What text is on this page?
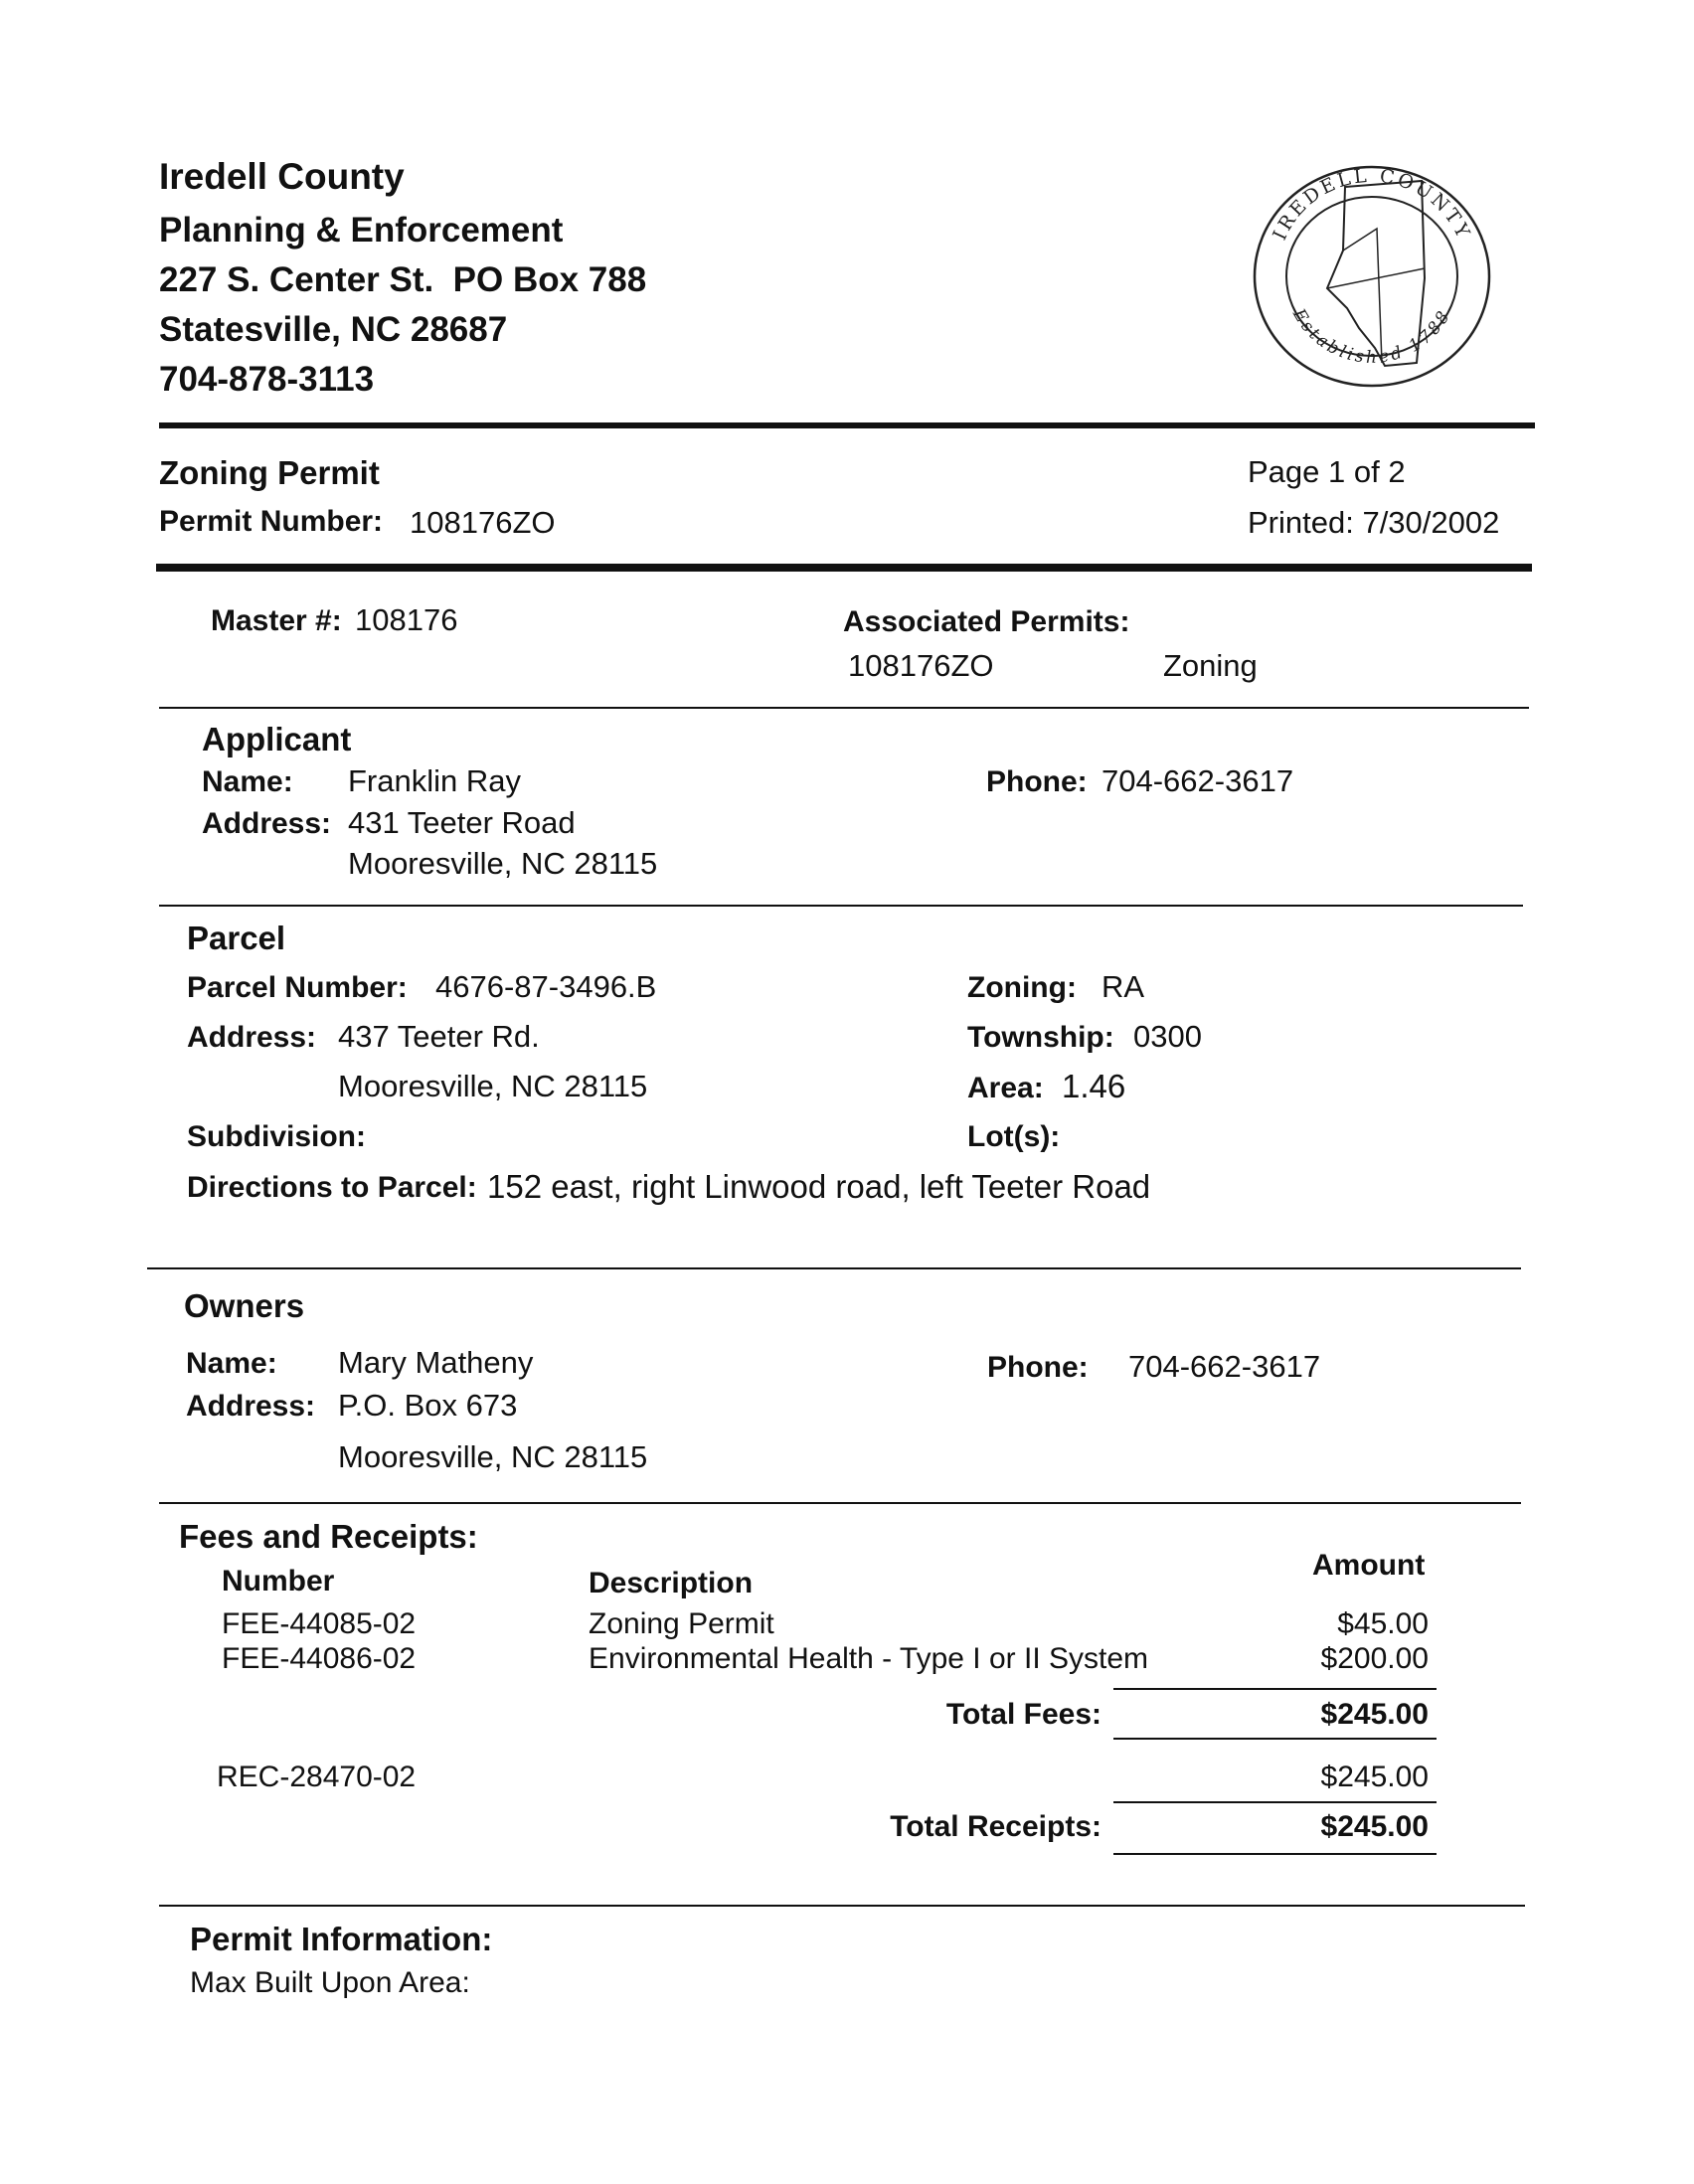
Iredell County
Planning & Enforcement
227 S. Center St.  PO Box 788
Statesville, NC 28687
704-878-3113
IREDELL COUNTY
Established 1788
Zoning Permit
Permit Number: 108176ZO
Page 1 of 2
Printed: 7/30/2002
Master #: 108176	Associated Permits:
108176ZO	Zoning
Applicant
Name: Franklin Ray
Address: 431 Teeter Road
Mooresville, NC 28115
Phone: 704-662-3617
Parcel
Parcel Number: 4676-87-3496.B
Address: 437 Teeter Rd.
Mooresville, NC 28115
Subdivision:
Directions to Parcel: 152 east, right Linwood road, left Teeter Road
Zoning: RA
Township: 0300
Area: 1.46
Lot(s):
Owners
Name: Mary Matheny
Address: P.O. Box 673
Mooresville, NC 28115
Phone: 704-662-3617
Fees and Receipts:
Number	Description
Amount
FEE-44085-02	Zoning Permit	$45.00
FEE-44086-02	Environmental Health - Type I or II System	$200.00
Total Fees:	$245.00
REC-28470-02	$245.00
Total Receipts:	$245.00
Permit Information:
Max Built Upon Area:
